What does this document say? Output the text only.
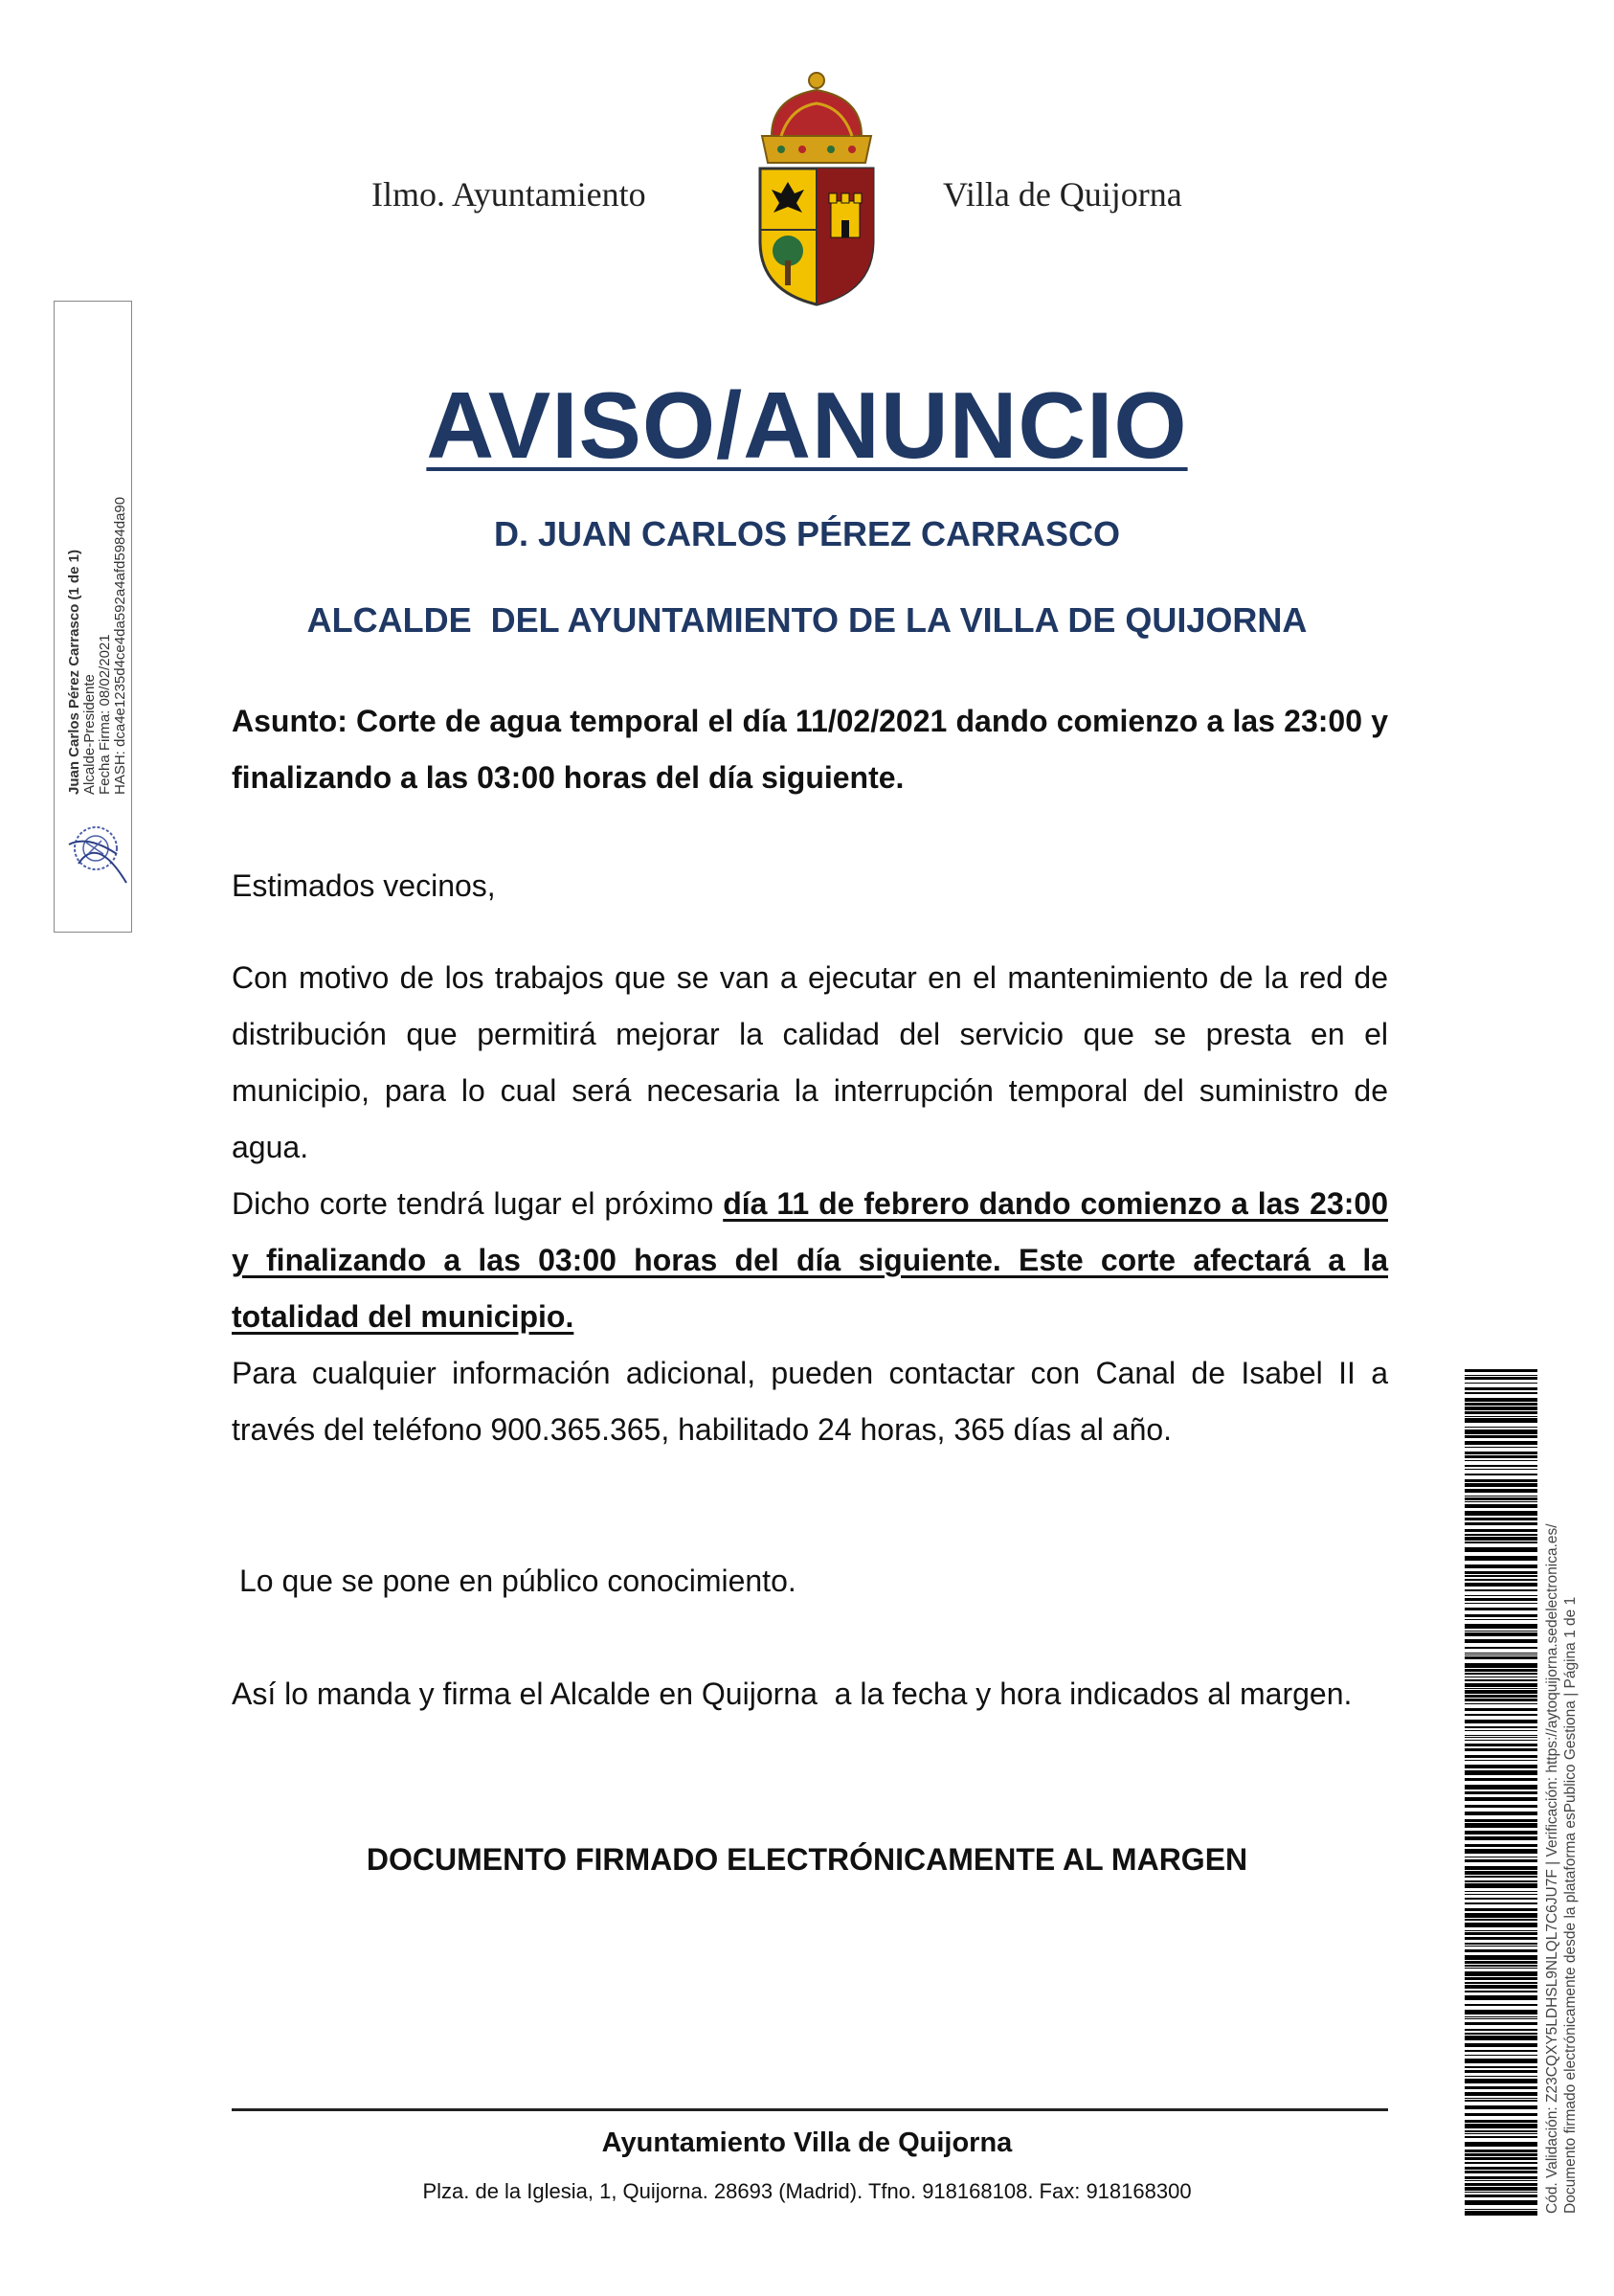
Ilmo. Ayuntamiento	Villa de Quijorna
Juan Carlos Pérez Carrasco (1 de 1) Alcalde-Presidente Fecha Firma: 08/02/2021 HASH: dca4e1235d4ce4da592a4afd5984da90
AVISO/ANUNCIO
D. JUAN CARLOS PÉREZ CARRASCO
ALCALDE  DEL AYUNTAMIENTO DE LA VILLA DE QUIJORNA
Asunto: Corte de agua temporal el día 11/02/2021 dando comienzo a las 23:00 y finalizando a las 03:00 horas del día siguiente.
Estimados vecinos,
Con motivo de los trabajos que se van a ejecutar en el mantenimiento de la red de distribución que permitirá mejorar la calidad del servicio que se presta en el municipio, para lo cual será necesaria la interrupción temporal del suministro de agua.
Dicho corte tendrá lugar el próximo día 11 de febrero dando comienzo a las 23:00 y finalizando a las 03:00 horas del día siguiente. Este corte afectará a la totalidad del municipio.
Para cualquier información adicional, pueden contactar con Canal de Isabel II a través del teléfono 900.365.365, habilitado 24 horas, 365 días al año.
Lo que se pone en público conocimiento.
Así lo manda y firma el Alcalde en Quijorna  a la fecha y hora indicados al margen.
DOCUMENTO FIRMADO ELECTRÓNICAMENTE AL MARGEN
Ayuntamiento Villa de Quijorna
Plza. de la Iglesia, 1, Quijorna. 28693 (Madrid). Tfno. 918168108. Fax: 918168300	Cód. Validación: Z23CQXY5LDHSL9NLQL7C6JU7F | Verificación: https://aytoquijorna.sedelectronica.es/ Documento firmado electrónicamente desde la plataforma esPublico Gestiona | Página 1 de 1
